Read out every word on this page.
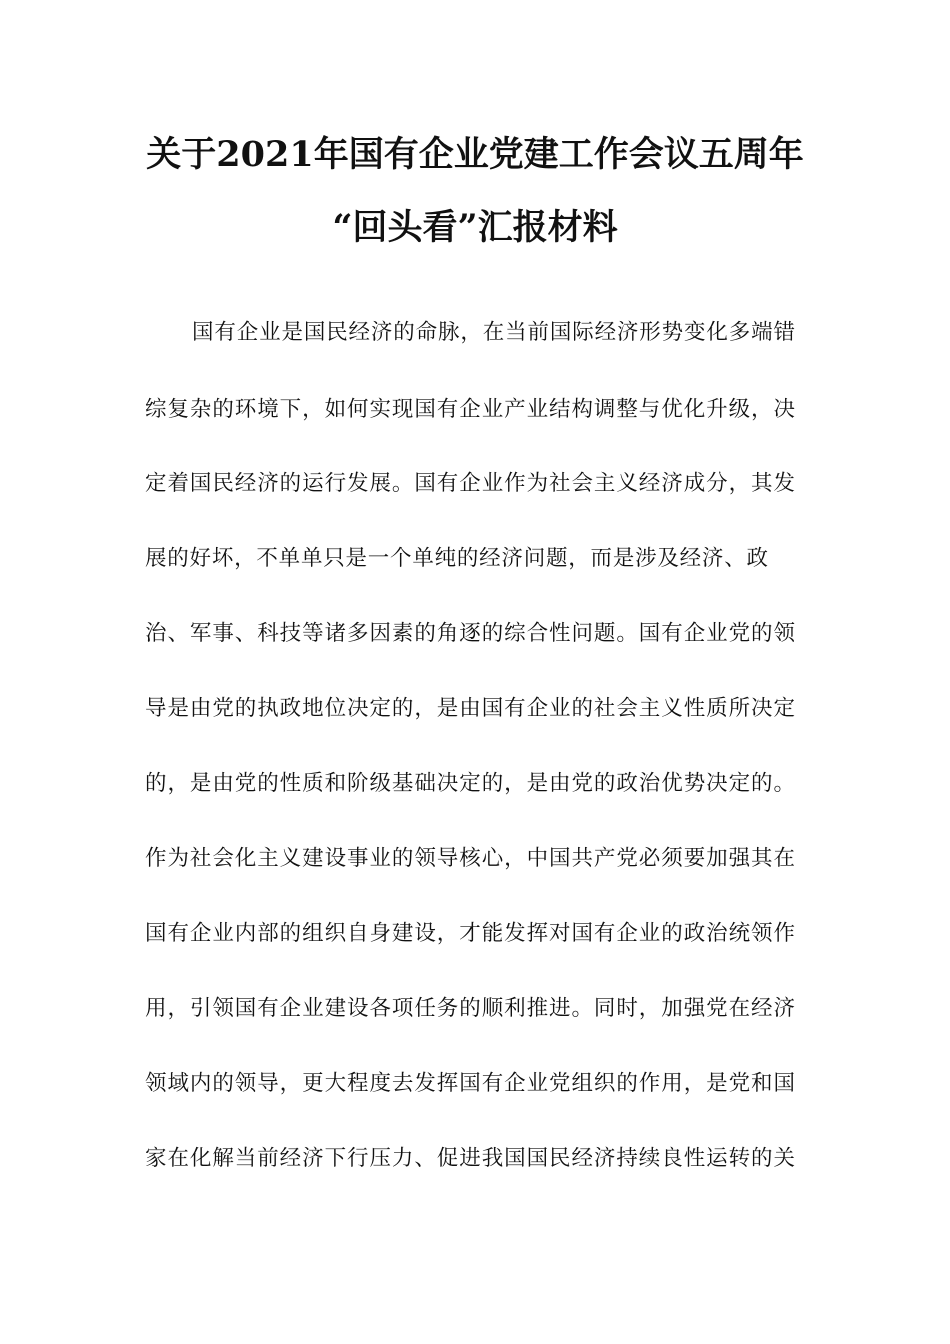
关于2021年国有企业党建工作会议五周年
“回头看”汇报材料
国有企业是国民经济的命脉，在当前国际经济形势变化多端错
综复杂的环境下，如何实现国有企业产业结构调整与优化升级，决
定着国民经济的运行发展。国有企业作为社会主义经济成分，其发
展的好坏，不单单只是一个单纯的经济问题，而是涉及经济、政
治、军事、科技等诸多因素的角逐的综合性问题。国有企业党的领
导是由党的执政地位决定的，是由国有企业的社会主义性质所决定
的，是由党的性质和阶级基础决定的，是由党的政治优势决定的。
作为社会化主义建设事业的领导核心，中国共产党必须要加强其在
国有企业内部的组织自身建设，才能发挥对国有企业的政治统领作
用，引领国有企业建设各项任务的顺利推进。同时，加强党在经济
领域内的领导，更大程度去发挥国有企业党组织的作用，是党和国
家在化解当前经济下行压力、促进我国国民经济持续良性运转的关
